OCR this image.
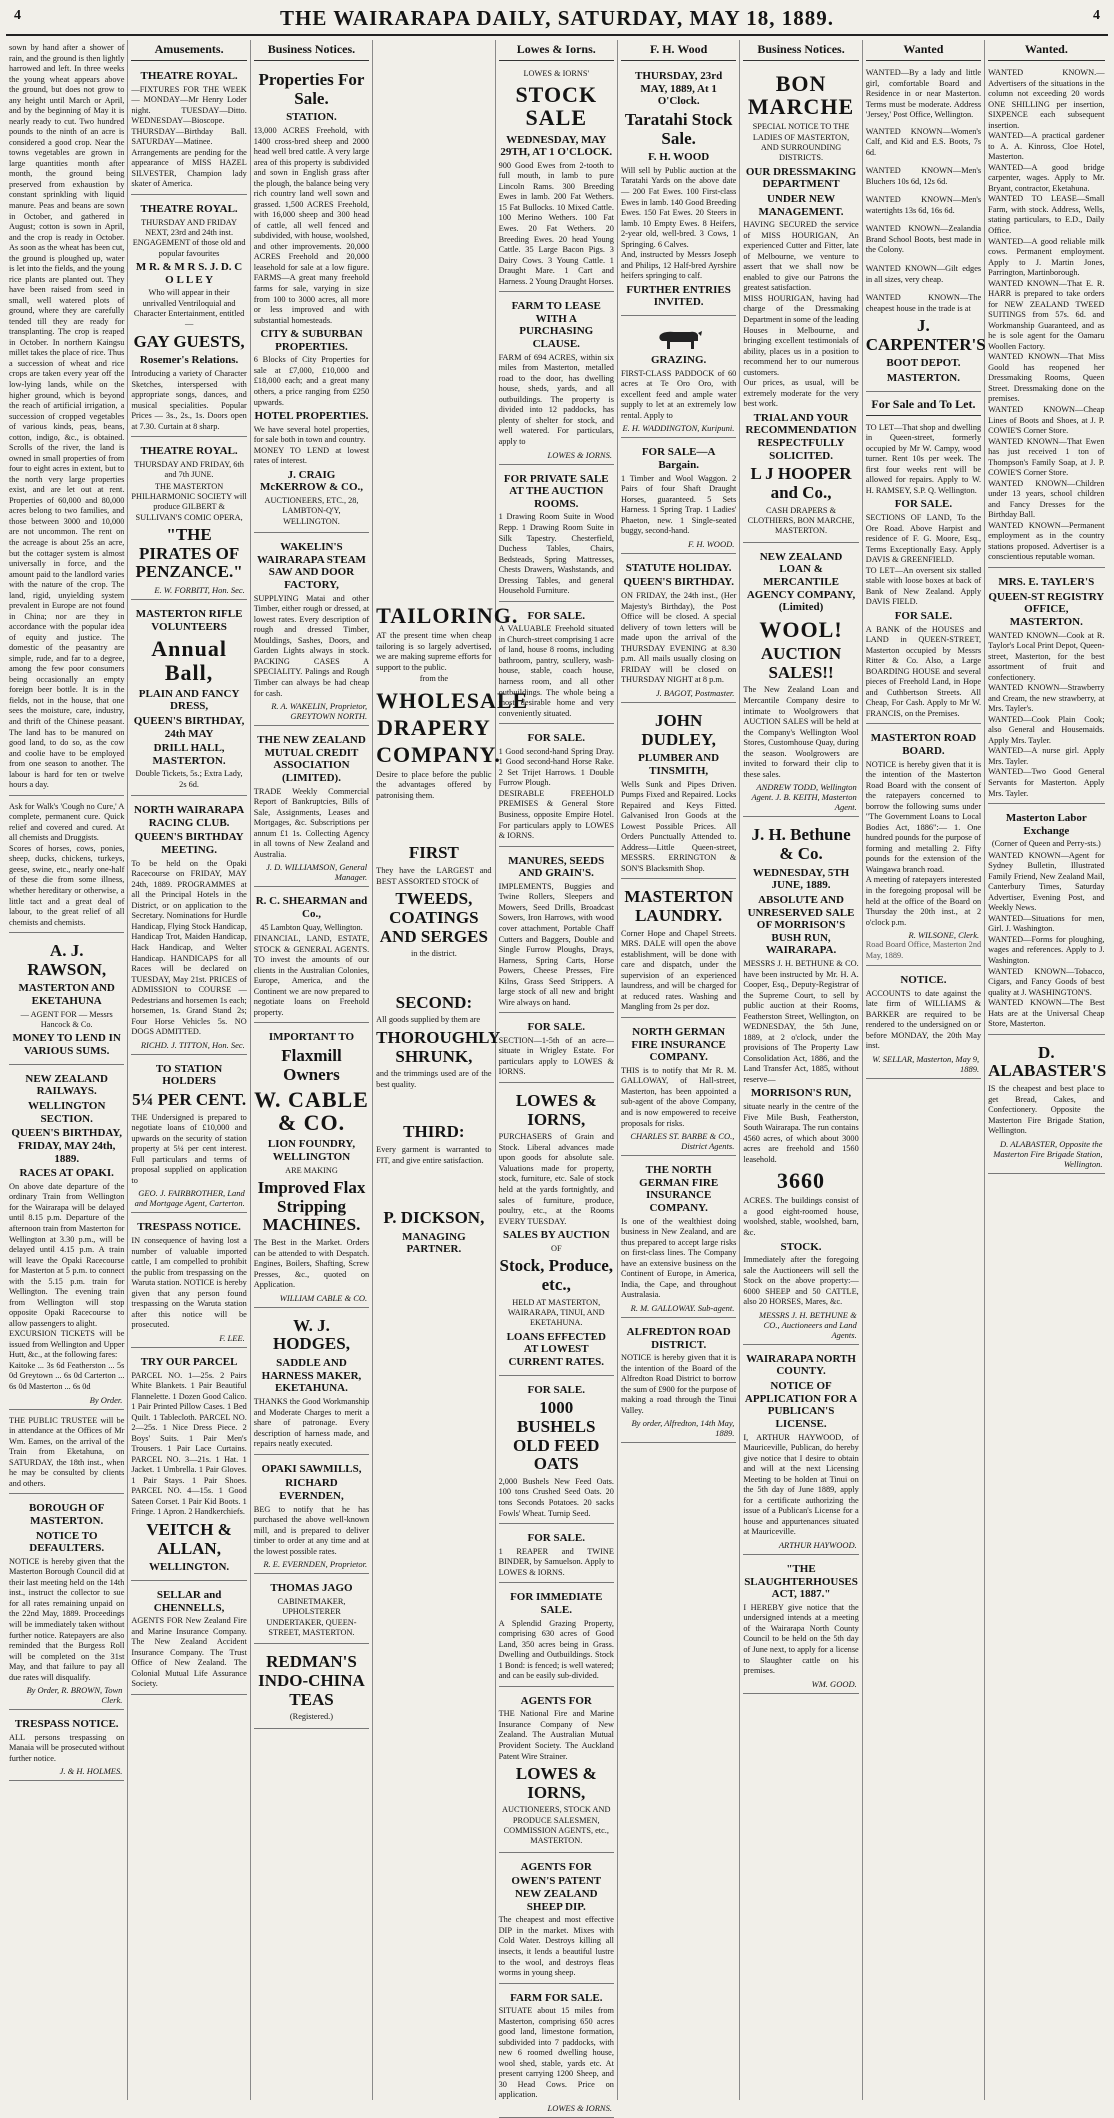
4	THE WAIRARAPA DAILY, SATURDAY, MAY 18, 1889.	4

sown by hand after a shower of rain, and the ground is then lightly harrowed and left. In three weeks the young wheat appears above the ground, but does not grow to any height until March or April, and by the beginning of May it is nearly ready to cut. Two hundred pounds to the ninth of an acre is considered a good crop. Near the towns vegetables are grown in large quantities month after month, the ground being preserved from exhaustion by constant sprinkling with liquid manure. Peas and beans are sown in October, and gathered in August; cotton is sown in April, and the crop is ready in October. As soon as the wheat has been cut, the ground is ploughed up, water is let into the fields, and the young rice plants are planted out. They have been raised from seed in small, well watered plots of ground, where they are carefully tended till they are ready for transplanting. The crop is reaped in October. In northern Kaingsu millet takes the place of rice. Thus a succession of wheat and rice crops are taken every year off the low-lying lands, while on the higher ground, which is beyond the reach of artificial irrigation, a succession of cropped vegetables of various kinds, peas, beans, cotton, indigo, &c., is obtained. Scrolls of the river, the land is owned in small properties of from four to eight acres in extent, but to the north very large properties exist, and are let out at rent. Properties of 60,000 and 80,000 acres belong to two families, and those between 3000 and 10,000 are not uncommon. The rent on the acreage is about 25s an acre, but the cottager system is almost universally in force, and the amount paid to the landlord varies with the nature of the crop. The land, rigid, unyielding system prevalent in Europe are not found in China; nor are they in accordance with the popular idea of equity and justice. The domestic of the peasantry are simple, rude, and far to a degree, among the few poor consumers being occasionally an empty foreign beer bottle. It is in the fields, not in the house, that one sees the moisture, care, industry, and thrift of the Chinese peasant. The land has to be manured on good land, to do so, as the cow and coolie have to be employed from one season to another. The labour is hard for ten or twelve hours a day.

Ask for Walk's 'Cough no Cure,' A complete, permanent cure. Quick relief and covered and cured. At all chemists and Druggists.

Scores of horses, cows, ponies, sheep, ducks, chickens, turkeys, geese, swine, etc., nearly one-half of these die from some illness, whether hereditary or otherwise, a little tact and a great deal of labour, to the great relief of all chemists and chemists.

A. J. RAWSON,
MASTERTON AND EKETAHUNA

— AGENT FOR — Messrs Hancock & Co.

MONEY TO LEND IN VARIOUS SUMS.
NEW ZEALAND RAILWAYS.
WELLINGTON SECTION.
QUEEN'S BIRTHDAY, FRIDAY, MAY 24th, 1889.
RACES AT OPAKI.

On above date departure of the ordinary Train from Wellington for the Wairarapa will be delayed until 8.15 p.m. Departure of the afternoon train from Masterton for Wellington at 3.30 p.m., will be delayed until 4.15 p.m. A train will leave the Opaki Racecourse for Masterton at 5 p.m. to connect with the 5.15 p.m. train for Wellington. The evening train from Wellington will stop opposite Opaki Racecourse to allow passengers to alight.

EXCURSION TICKETS will be issued from Wellington and Upper Hutt, &c., at the following fares:

Kaitoke ... 3s 6d Featherston ... 5s 0d Greytown ... 6s 0d Carterton ... 6s 0d Masterton ... 6s 0d

By Order.

THE PUBLIC TRUSTEE will be in attendance at the Offices of Mr Wm. Eames, on the arrival of the Train from Eketahuna, on SATURDAY, the 18th inst., when he may be consulted by clients and others.

BOROUGH OF MASTERTON.
NOTICE TO DEFAULTERS.

NOTICE is hereby given that the Masterton Borough Council did at their last meeting held on the 14th inst., instruct the collector to sue for all rates remaining unpaid on the 22nd May, 1889. Proceedings will be immediately taken without further notice. Ratepayers are also reminded that the Burgess Roll will be completed on the 31st May, and that failure to pay all due rates will disqualify.

By Order, R. BROWN, Town Clerk.
TRESPASS NOTICE.

ALL persons trespassing on Manaia will be prosecuted without further notice.

J. & H. HOLMES.
Amusements.
THEATRE ROYAL.

—FIXTURES FOR THE WEEK— MONDAY—Mr Henry Loder night. TUESDAY—Ditto. WEDNESDAY—Bioscope. THURSDAY—Birthday Ball. SATURDAY—Matinee. Arrangements are pending for the appearance of MISS HAZEL SILVESTER, Champion lady skater of America.

THEATRE ROYAL.

THURSDAY AND FRIDAY NEXT, 23rd and 24th inst. ENGAGEMENT of those old and popular favourites

M R. & M R S. J. D. C O L L E Y

Who will appear in their unrivalled Ventriloquial and Character Entertainment, entitled—

GAY GUESTS,
Rosemer's Relations.

Introducing a variety of Character Sketches, interspersed with appropriate songs, dances, and musical specialities. Popular Prices — 3s., 2s., 1s. Doors open at 7.30. Curtain at 8 sharp.

THEATRE ROYAL.

THURSDAY AND FRIDAY, 6th and 7th JUNE.

THE MASTERTON PHILHARMONIC SOCIETY will produce GILBERT & SULLIVAN'S COMIC OPERA,

"THE PIRATES OF PENZANCE."
E. W. FORBITT, Hon. Sec.
MASTERTON RIFLE VOLUNTEERS
Annual Ball,
PLAIN AND FANCY DRESS,
QUEEN'S BIRTHDAY, 24th MAY
DRILL HALL, MASTERTON.

Double Tickets, 5s.; Extra Lady, 2s 6d.

NORTH WAIRARAPA RACING CLUB.
QUEEN'S BIRTHDAY MEETING.

To be held on the Opaki Racecourse on FRIDAY, MAY 24th, 1889. PROGRAMMES at all the Principal Hotels in the District, or on application to the Secretary. Nominations for Hurdle Handicap, Flying Stock Handicap, Handicap Trot, Maiden Handicap, Hack Handicap, and Welter Handicap. HANDICAPS for all Races will be declared on TUESDAY, May 21st. PRICES of ADMISSION to COURSE — Pedestrians and horsemen 1s each; horsemen, 1s. Grand Stand 2s; Four Horse Vehicles 5s. NO DOGS ADMITTED.

RICHD. J. TITTON, Hon. Sec.
TO STATION HOLDERS
5¼ PER CENT.

THE Undersigned is prepared to negotiate loans of £10,000 and upwards on the security of station property at 5¼ per cent interest. Full particulars and terms of proposal supplied on application to

GEO. J. FAIRBROTHER, Land and Mortgage Agent, Carterton.
TRESPASS NOTICE.

IN consequence of having lost a number of valuable imported cattle, I am compelled to prohibit the public from trespassing on the Waruta station. NOTICE is hereby given that any person found trespassing on the Waruta station after this notice will be prosecuted.

F. LEE.
TRY OUR PARCEL

PARCEL NO. 1—25s. 2 Pairs White Blankets. 1 Pair Beautiful Flannelette. 1 Dozen Good Calico. 1 Pair Printed Pillow Cases. 1 Bed Quilt. 1 Tablecloth. PARCEL NO. 2—25s. 1 Nice Dress Piece. 2 Boys' Suits. 1 Pair Men's Trousers. 1 Pair Lace Curtains. PARCEL NO. 3—21s. 1 Hat. 1 Jacket. 1 Umbrella. 1 Pair Gloves. 1 Pair Stays. 1 Pair Shoes. PARCEL NO. 4—15s. 1 Good Sateen Corset. 1 Pair Kid Boots. 1 Fringe. 1 Apron. 2 Handkerchiefs.

VEITCH & ALLAN,
WELLINGTON.
SELLAR and CHENNELLS,

AGENTS FOR New Zealand Fire and Marine Insurance Company. The New Zealand Accident Insurance Company. The Trust Office of New Zealand. The Colonial Mutual Life Assurance Society.

Business Notices.
Properties For Sale.
STATION.

13,000 ACRES Freehold, with 1400 cross-bred sheep and 2000 head well bred cattle. A very large area of this property is subdivided and sown in English grass after the plough, the balance being very rich country land well sown and grassed. 1,500 ACRES Freehold, with 16,000 sheep and 300 head of cattle, all well fenced and subdivided, with house, woolshed, and other improvements. 20,000 ACRES Freehold and 20,000 leasehold for sale at a low figure. FARMS—A great many freehold farms for sale, varying in size from 100 to 3000 acres, all more or less improved and with substantial homesteads.

CITY & SUBURBAN PROPERTIES.

6 Blocks of City Properties for sale at £7,000, £10,000 and £18,000 each; and a great many others, a price ranging from £250 upwards.

HOTEL PROPERTIES.

We have several hotel properties, for sale both in town and country.

MONEY TO LEND at lowest rates of interest.

J. CRAIG McKERROW & CO.,

AUCTIONEERS, ETC., 28, LAMBTON-Q'Y, WELLINGTON.

WAKELIN'S WAIRARAPA STEAM SAW AND DOOR FACTORY,

SUPPLYING Matai and other Timber, either rough or dressed, at lowest rates. Every description of rough and dressed Timber, Mouldings, Sashes, Doors, and Garden Lights always in stock. PACKING CASES A SPECIALITY. Palings and Rough Timber can always be had cheap for cash.

R. A. WAKELIN, Proprietor, GREYTOWN NORTH.
THE NEW ZEALAND MUTUAL CREDIT ASSOCIATION (LIMITED).

TRADE Weekly Commercial Report of Bankruptcies, Bills of Sale, Assignments, Leases and Mortgages, &c. Subscriptions per annum £1 1s. Collecting Agency in all towns of New Zealand and Australia.

J. D. WILLIAMSON, General Manager.
R. C. SHEARMAN and Co.,

45 Lambton Quay, Wellington.

FINANCIAL, LAND, ESTATE, STOCK & GENERAL AGENTS. TO invest the amounts of our clients in the Australian Colonies, Europe, America, and the Continent we are now prepared to negotiate loans on Freehold property.

IMPORTANT TO
Flaxmill Owners
W. CABLE & CO.
LION FOUNDRY, WELLINGTON

ARE MAKING

Improved Flax Stripping MACHINES.

The Best in the Market. Orders can be attended to with Despatch. Engines, Boilers, Shafting, Screw Presses, &c., quoted on Application.

WILLIAM CABLE & CO.
W. J. HODGES,
SADDLE AND HARNESS MAKER, EKETAHUNA.

THANKS the Good Workmanship and Moderate Charges to merit a share of patronage. Every description of harness made, and repairs neatly executed.

OPAKI SAWMILLS,
RICHARD EVERNDEN,

BEG to notify that he has purchased the above well-known mill, and is prepared to deliver timber to order at any time and at the lowest possible rates.

R. E. EVERNDEN, Proprietor.
THOMAS JAGO

CABINETMAKER, UPHOLSTERER UNDERTAKER, QUEEN-STREET, MASTERTON.

REDMAN'S INDO-CHINA TEAS

(Registered.)

TAILORING.

AT the present time when cheap tailoring is so largely advertised, we are making supreme efforts for support to the public.

from the

WHOLESALE
DRAPERY
COMPANY.

Desire to place before the public the advantages offered by patronising them.

FIRST

They have the LARGEST and BEST ASSORTED STOCK of

TWEEDS, COATINGS AND SERGES

in the district.

SECOND:

All goods supplied by them are

THOROUGHLY SHRUNK,

and the trimmings used are of the best quality.

THIRD:

Every garment is warranted to FIT, and give entire satisfaction.

P. DICKSON,
MANAGING PARTNER.
Lowes & Iorns.

LOWES & IORNS'

STOCK SALE
WEDNESDAY, MAY 29TH, AT 1 O'CLOCK.

900 Good Ewes from 2-tooth to full mouth, in lamb to pure Lincoln Rams. 300 Breeding Ewes in lamb. 200 Fat Wethers. 15 Fat Bullocks. 10 Mixed Cattle. 100 Merino Wethers. 100 Fat Ewes. 20 Fat Wethers. 20 Breeding Ewes. 20 head Young Cattle. 35 Large Bacon Pigs. 3 Dairy Cows. 3 Young Cattle. 1 Draught Mare. 1 Cart and Harness. 2 Young Draught Horses.

FARM TO LEASE WITH A PURCHASING CLAUSE.

FARM of 694 ACRES, within six miles from Masterton, metalled road to the door, has dwelling house, sheds, yards, and all outbuildings. The property is divided into 12 paddocks, has plenty of shelter for stock, and well watered. For particulars, apply to

LOWES & IORNS.
FOR PRIVATE SALE AT THE AUCTION ROOMS.

1 Drawing Room Suite in Wood Repp. 1 Drawing Room Suite in Silk Tapestry. Chesterfield, Duchess Tables, Chairs, Bedsteads, Spring Mattresses, Chests Drawers, Washstands, and Dressing Tables, and general Household Furniture.

FOR SALE.

A VALUABLE Freehold situated in Church-street comprising 1 acre of land, house 8 rooms, including bathroom, pantry, scullery, wash-house, stable, coach house, harness room, and all other outbuildings. The whole being a most desirable home and very conveniently situated.

FOR SALE.

1 Good second-hand Spring Dray. 1 Good second-hand Horse Rake. 2 Set Trijet Harrows. 1 Double Furrow Plough.

DESIRABLE FREEHOLD PREMISES & General Store Business, opposite Empire Hotel. For particulars apply to LOWES & IORNS.

MANURES, SEEDS AND GRAIN'S.

IMPLEMENTS, Buggies and Twine Rollers, Sleepers and Mowers, Seed Drills, Broadcast Sowers, Iron Harrows, with wood cover attachment, Portable Chaff Cutters and Baggers, Double and Single Furrow Ploughs, Drays, Harness, Spring Carts, Horse Powers, Cheese Presses, Fire Kilns, Grass Seed Strippers. A large stock of all new and bright Wire always on hand.

FOR SALE.

SECTION—1-5th of an acre—situate in Wrigley Estate. For particulars apply to LOWES & IORNS.

LOWES & IORNS,

PURCHASERS of Grain and Stock. Liberal advances made upon goods for absolute sale. Valuations made for property, stock, furniture, etc. Sale of stock held at the yards fortnightly, and sales of furniture, produce, poultry, etc., at the Rooms EVERY TUESDAY.

SALES BY AUCTION

OF

Stock, Produce, etc.,

HELD AT MASTERTON, WAIRARAPA, TINUI, AND EKETAHUNA.

LOANS EFFECTED AT LOWEST CURRENT RATES.
FOR SALE.
1000 BUSHELS OLD FEED OATS

2,000 Bushels New Feed Oats. 100 tons Crushed Seed Oats. 20 tons Seconds Potatoes. 20 sacks Fowls' Wheat. Turnip Seed.

FOR SALE.

1 REAPER and TWINE BINDER, by Samuelson. Apply to LOWES & IORNS.

FOR IMMEDIATE SALE.

A Splendid Grazing Property, comprising 630 acres of Good Land, 350 acres being in Grass. Dwelling and Outbuildings. Stock 1 Bond: is fenced; is well watered; and can be easily sub-divided.

AGENTS FOR

THE National Fire and Marine Insurance Company of New Zealand. The Australian Mutual Provident Society. The Auckland Patent Wire Strainer.

LOWES & IORNS,

AUCTIONEERS, STOCK AND PRODUCE SALESMEN, COMMISSION AGENTS, etc., MASTERTON.

AGENTS FOR
OWEN'S PATENT NEW ZEALAND SHEEP DIP.

The cheapest and most effective DIP in the market. Mixes with Cold Water. Destroys killing all insects, it lends a beautiful lustre to the wool, and destroys fleas worms in young sheep.

FARM FOR SALE.

SITUATE about 15 miles from Masterton, comprising 650 acres good land, limestone formation, subdivided into 7 paddocks, with new 6 roomed dwelling house, wool shed, stable, yards etc. At present carrying 1200 Sheep, and 30 Head Cows. Price on application.

LOWES & IORNS.
F. H. Wood
THURSDAY, 23rd MAY, 1889, At 1 O'Clock.
Taratahi Stock Sale.
F. H. WOOD

Will sell by Public auction at the Taratahi Yards on the above date— 200 Fat Ewes. 100 First-class Ewes in lamb. 140 Good Breeding Ewes. 150 Fat Ewes. 20 Steers in lamb. 10 Empty Ewes. 8 Heifers, 2-year old, well-bred. 3 Cows, 1 Springing. 6 Calves.

And, instructed by Messrs Joseph and Philips, 12 Half-bred Ayrshire heifers springing to calf.

FURTHER ENTRIES INVITED.
GRAZING.

FIRST-CLASS PADDOCK of 60 acres at Te Oro Oro, with excellent feed and ample water supply to let at an extremely low rental. Apply to

E. H. WADDINGTON, Kuripuni.
FOR SALE—A Bargain.

1 Timber and Wool Waggon. 2 Pairs of four Shaft Draught Horses, guaranteed. 5 Sets Harness. 1 Spring Trap. 1 Ladies' Phaeton, new. 1 Single-seated buggy, second-hand.

F. H. WOOD.
STATUTE HOLIDAY.
QUEEN'S BIRTHDAY.

ON FRIDAY, the 24th inst., (Her Majesty's Birthday), the Post Office will be closed. A special delivery of town letters will be made upon the arrival of the THURSDAY EVENING at 8.30 p.m. All mails usually closing on FRIDAY will be closed on THURSDAY NIGHT at 8 p.m.

J. BAGOT, Postmaster.
JOHN DUDLEY,
PLUMBER AND TINSMITH,

Wells Sunk and Pipes Driven. Pumps Fixed and Repaired. Locks Repaired and Keys Fitted. Galvanised Iron Goods at the Lowest Possible Prices. All Orders Punctually Attended to. Address—Little Queen-street, MESSRS. ERRINGTON & SON'S Blacksmith Shop.

MASTERTON LAUNDRY.

Corner Hope and Chapel Streets. MRS. DALE will open the above establishment, will be done with care and dispatch, under the supervision of an experienced laundress, and will be charged for at reduced rates. Washing and Mangling from 2s per doz.

NORTH GERMAN FIRE INSURANCE COMPANY.

THIS is to notify that Mr R. M. GALLOWAY, of Hall-street, Masterton, has been appointed a sub-agent of the above Company, and is now empowered to receive proposals for risks.

CHARLES ST. BARBE & CO., District Agents.
THE NORTH GERMAN FIRE INSURANCE COMPANY.

Is one of the wealthiest doing business in New Zealand, and are thus prepared to accept large risks on first-class lines. The Company have an extensive business on the Continent of Europe, in America, India, the Cape, and throughout Australasia.

R. M. GALLOWAY. Sub-agent.
ALFREDTON ROAD DISTRICT.

NOTICE is hereby given that it is the intention of the Board of the Alfredton Road District to borrow the sum of £900 for the purpose of making a road through the Tinui Valley.

By order, Alfredton, 14th May, 1889.
Business Notices.
BON MARCHE

SPECIAL NOTICE TO THE LADIES OF MASTERTON, AND SURROUNDING DISTRICTS.

OUR DRESSMAKING DEPARTMENT
UNDER NEW MANAGEMENT.

HAVING SECURED the service of MISS HOURIGAN, An experienced Cutter and Fitter, late of Melbourne, we venture to assert that we shall now be enabled to give our Patrons the greatest satisfaction.

MISS HOURIGAN, having had charge of the Dressmaking Department in some of the leading Houses in Melbourne, and bringing excellent testimonials of ability, places us in a position to recommend her to our numerous customers.

Our prices, as usual, will be extremely moderate for the very best work.

TRIAL AND YOUR RECOMMENDATION RESPECTFULLY SOLICITED.
L J HOOPER and Co.,

CASH DRAPERS & CLOTHIERS, BON MARCHE, MASTERTON.

NEW ZEALAND LOAN & MERCANTILE AGENCY COMPANY, (Limited)
WOOL!
AUCTION SALES!!

The New Zealand Loan and Mercantile Company desire to intimate to Woolgrowers that AUCTION SALES will be held at the Company's Wellington Wool Stores, Customhouse Quay, during the season. Woolgrowers are invited to forward their clip to these sales.

ANDREW TODD, Wellington Agent. J. B. KEITH, Masterton Agent.
J. H. Bethune & Co.
WEDNESDAY, 5TH JUNE, 1889.
ABSOLUTE AND UNRESERVED SALE OF MORRISON'S BUSH RUN, WAIRARAPA.

MESSRS J. H. BETHUNE & CO. have been instructed by Mr. H. A. Cooper, Esq., Deputy-Registrar of the Supreme Court, to sell by public auction at their Rooms, Featherston Street, Wellington, on WEDNESDAY, the 5th June, 1889, at 2 o'clock, under the provisions of The Property Law Consolidation Act, 1886, and the Land Transfer Act, 1885, without reserve—

MORRISON'S RUN,

situate nearly in the centre of the Five Mile Bush, Featherston, South Wairarapa. The run contains 4560 acres, of which about 3000 acres are freehold and 1560 leasehold.

3660

ACRES. The buildings consist of a good eight-roomed house, woolshed, stable, woolshed, barn, &c.

STOCK.

Immediately after the foregoing sale the Auctioneers will sell the Stock on the above property:— 6000 SHEEP and 50 CATTLE, also 20 HORSES, Mares, &c.

MESSRS J. H. BETHUNE & CO., Auctioneers and Land Agents.
WAIRARAPA NORTH COUNTY.
NOTICE OF APPLICATION FOR A PUBLICAN'S LICENSE.

I, ARTHUR HAYWOOD, of Mauriceville, Publican, do hereby give notice that I desire to obtain and will at the next Licensing Meeting to be holden at Tinui on the 5th day of June 1889, apply for a certificate authorizing the issue of a Publican's License for a house and appurtenances situated at Mauriceville.

ARTHUR HAYWOOD.
"THE SLAUGHTERHOUSES ACT, 1887."

I HEREBY give notice that the undersigned intends at a meeting of the Wairarapa North County Council to be held on the 5th day of June next, to apply for a license to Slaughter cattle on his premises.

WM. GOOD.
Wanted

WANTED—By a lady and little girl, comfortable Board and Residence in or near Masterton. Terms must be moderate. Address 'Jersey,' Post Office, Wellington.

WANTED KNOWN—Women's Calf, and Kid and E.S. Boots, 7s 6d.

WANTED KNOWN—Men's Bluchers 10s 6d, 12s 6d.

WANTED KNOWN—Men's watertights 13s 6d, 16s 6d.

WANTED KNOWN—Zealandia Brand School Boots, best made in the Colony.

WANTED KNOWN—Gilt edges in all sizes, very cheap.

WANTED KNOWN—The cheapest house in the trade is at

J. CARPENTER'S
BOOT DEPOT.
MASTERTON.
For Sale and To Let.

TO LET—That shop and dwelling in Queen-street, formerly occupied by Mr W. Campy, wood turner. Rent 10s per week. The first four weeks rent will be allowed for repairs. Apply to W. H. RAMSEY, S.P. Q. Wellington.

FOR SALE.

SECTIONS OF LAND, To the Ore Road. Above Harpist and residence of F. G. Moore, Esq., Terms Exceptionally Easy. Apply DAVIS & GREENFIELD.

TO LET—An oversent six stalled stable with loose boxes at back of Bank of New Zealand. Apply DAVIS FIELD.

FOR SALE.

A BANK of the HOUSES and LAND in QUEEN-STREET, Masterton occupied by Messrs Ritter & Co. Also, a Large BOARDING HOUSE and several pieces of Freehold Land, in Hope and Cuthbertson Streets. All Cheap, For Cash. Apply to Mr W. FRANCIS, on the Premises.

MASTERTON ROAD BOARD.

NOTICE is hereby given that it is the intention of the Masterton Road Board with the consent of the ratepayers concerned to borrow the following sums under "The Government Loans to Local Bodies Act, 1886":— 1. One hundred pounds for the purpose of forming and metalling 2. Fifty pounds for the extension of the Waingawa branch road.

A meeting of ratepayers interested in the foregoing proposal will be held at the office of the Board on Thursday the 20th inst., at 2 o'clock p.m.

R. WILSONE, Clerk.

Road Board Office, Masterton 2nd May, 1889.

NOTICE.

ACCOUNTS to date against the late firm of WILLIAMS & BARKER are required to be rendered to the undersigned on or before MONDAY, the 20th May inst.

W. SELLAR, Masterton, May 9, 1889.
Wanted.

WANTED KNOWN.—Advertisers of the situations in the column not exceeding 20 words ONE SHILLING per insertion, SIXPENCE each subsequent insertion.

WANTED—A practical gardener to A. A. Kinross, Cloe Hotel, Masterton.

WANTED—A good bridge carpenter, wages. Apply to Mr. Bryant, contractor, Eketahuna.

WANTED TO LEASE—Small Farm, with stock. Address, Wells, stating particulars, to E.D., Daily Office.

WANTED—A good reliable milk cows. Permanent employment. Apply to J. Martin Jones, Parrington, Martinborough.

WANTED KNOWN—That E. R. HARR is prepared to take orders for NEW ZEALAND TWEED SUITINGS from 57s. 6d. and Workmanship Guaranteed, and as he is sole agent for the Oamaru Woollen Factory.

WANTED KNOWN—That Miss Goold has reopened her Dressmaking Rooms, Queen Street. Dressmaking done on the premises.

WANTED KNOWN—Cheap Lines of Boots and Shoes, at J. P. COWIE'S Corner Store.

WANTED KNOWN—That Ewen has just received 1 ton of Thompson's Family Soap, at J. P. COWIE'S Corner Store.

WANTED KNOWN—Children under 13 years, school children and Fancy Dresses for the Birthday Ball.

WANTED KNOWN—Permanent employment as in the country stations proposed. Advertiser is a conscientious reputable woman.

MRS. E. TAYLER'S
QUEEN-ST REGISTRY OFFICE, MASTERTON.

WANTED KNOWN—Cook at R. Taylor's Local Print Depot, Queen-street, Masterton, for the best assortment of fruit and confectionery.

WANTED KNOWN—Strawberry and Cream, the new strawberry, at Mrs. Tayler's.

WANTED—Cook Plain Cook; also General and Housemaids. Apply Mrs. Tayler.

WANTED—A nurse girl. Apply Mrs. Tayler.

WANTED—Two Good General Servants for Masterton. Apply Mrs. Tayler.

Masterton Labor Exchange

(Corner of Queen and Perry-sts.)

WANTED KNOWN—Agent for Sydney Bulletin, Illustrated Family Friend, New Zealand Mail, Canterbury Times, Saturday Advertiser, Evening Post, and Weekly News.

WANTED—Situations for men, Girl. J. Washington.

WANTED—Forms for ploughing, wages and references. Apply to J. Washington.

WANTED KNOWN—Tobacco, Cigars, and Fancy Goods of best quality at J. WASHINGTON'S.

WANTED KNOWN—The Best Hats are at the Universal Cheap Store, Masterton.

D. ALABASTER'S

IS the cheapest and best place to get Bread, Cakes, and Confectionery. Opposite the Masterton Fire Brigade Station, Wellington.

D. ALABASTER, Opposite the Masterton Fire Brigade Station, Wellington.
